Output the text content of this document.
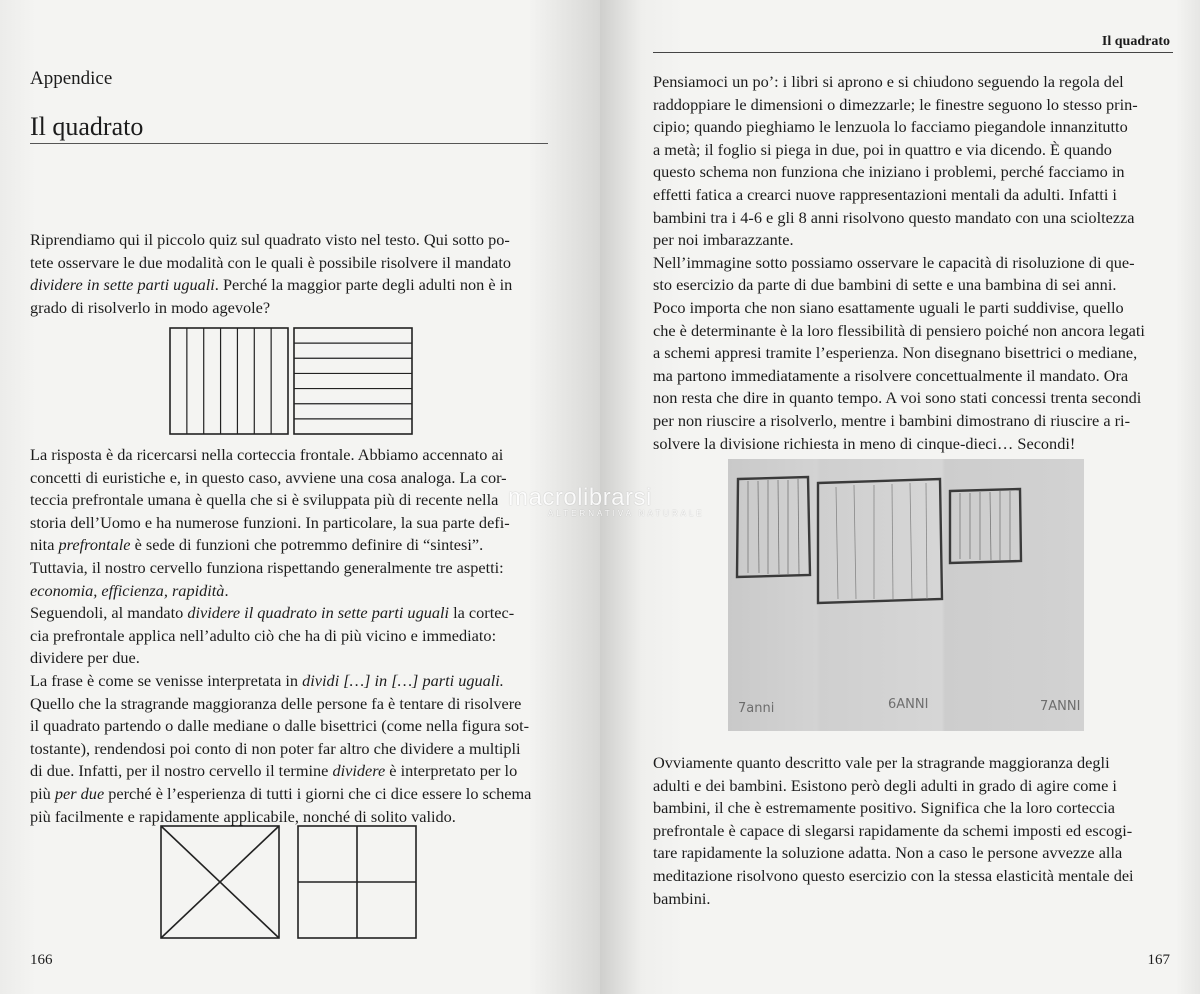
Appendice
Il quadrato
Riprendiamo qui il piccolo quiz sul quadrato visto nel testo. Qui sotto po-
tete osservare le due modalità con le quali è possibile risolvere il mandato
dividere in sette parti uguali. Perché la maggior parte degli adulti non è in
grado di risolverlo in modo agevole?
La risposta è da ricercarsi nella corteccia frontale. Abbiamo accennato ai
concetti di euristiche e, in questo caso, avviene una cosa analoga. La cor-
teccia prefrontale umana è quella che si è sviluppata più di recente nella
storia dell’Uomo e ha numerose funzioni. In particolare, la sua parte defi-
nita prefrontale è sede di funzioni che potremmo definire di “sintesi”.
Tuttavia, il nostro cervello funziona rispettando generalmente tre aspetti:
economia, efficienza, rapidità.
Seguendoli, al mandato dividere il quadrato in sette parti uguali la cortec-
cia prefrontale applica nell’adulto ciò che ha di più vicino e immediato:
dividere per due.
La frase è come se venisse interpretata in dividi […] in […] parti uguali.
Quello che la stragrande maggioranza delle persone fa è tentare di risolvere
il quadrato partendo o dalle mediane o dalle bisettrici (come nella figura sot-
tostante), rendendosi poi conto di non poter far altro che dividere a multipli
di due. Infatti, per il nostro cervello il termine dividere è interpretato per lo
più per due perché è l’esperienza di tutti i giorni che ci dice essere lo schema
più facilmente e rapidamente applicabile, nonché di solito valido.
166
Il quadrato
Pensiamoci un po’: i libri si aprono e si chiudono seguendo la regola del
raddoppiare le dimensioni o dimezzarle; le finestre seguono lo stesso prin-
cipio; quando pieghiamo le lenzuola lo facciamo piegandole innanzitutto
a metà; il foglio si piega in due, poi in quattro e via dicendo. È quando
questo schema non funziona che iniziano i problemi, perché facciamo in
effetti fatica a crearci nuove rappresentazioni mentali da adulti. Infatti i
bambini tra i 4-6 e gli 8 anni risolvono questo mandato con una scioltezza
per noi imbarazzante.
Nell’immagine sotto possiamo osservare le capacità di risoluzione di que-
sto esercizio da parte di due bambini di sette e una bambina di sei anni.
Poco importa che non siano esattamente uguali le parti suddivise, quello
che è determinante è la loro flessibilità di pensiero poiché non ancora legati
a schemi appresi tramite l’esperienza. Non disegnano bisettrici o mediane,
ma partono immediatamente a risolvere concettualmente il mandato. Ora
non resta che dire in quanto tempo. A voi sono stati concessi trenta secondi
per non riuscire a risolverlo, mentre i bambini dimostrano di riuscire a ri-
solvere la divisione richiesta in meno di cinque-dieci… Secondi!
Ovviamente quanto descritto vale per la stragrande maggioranza degli
adulti e dei bambini. Esistono però degli adulti in grado di agire come i
bambini, il che è estremamente positivo. Significa che la loro corteccia
prefrontale è capace di slegarsi rapidamente da schemi imposti ed escogi-
tare rapidamente la soluzione adatta. Non a caso le persone avvezze alla
meditazione risolvono questo esercizio con la stessa elasticità mentale dei
bambini.
167
7anni	6ANNI	7ANNI
macrolibrarsi
ALTERNATIVA NATURALE
